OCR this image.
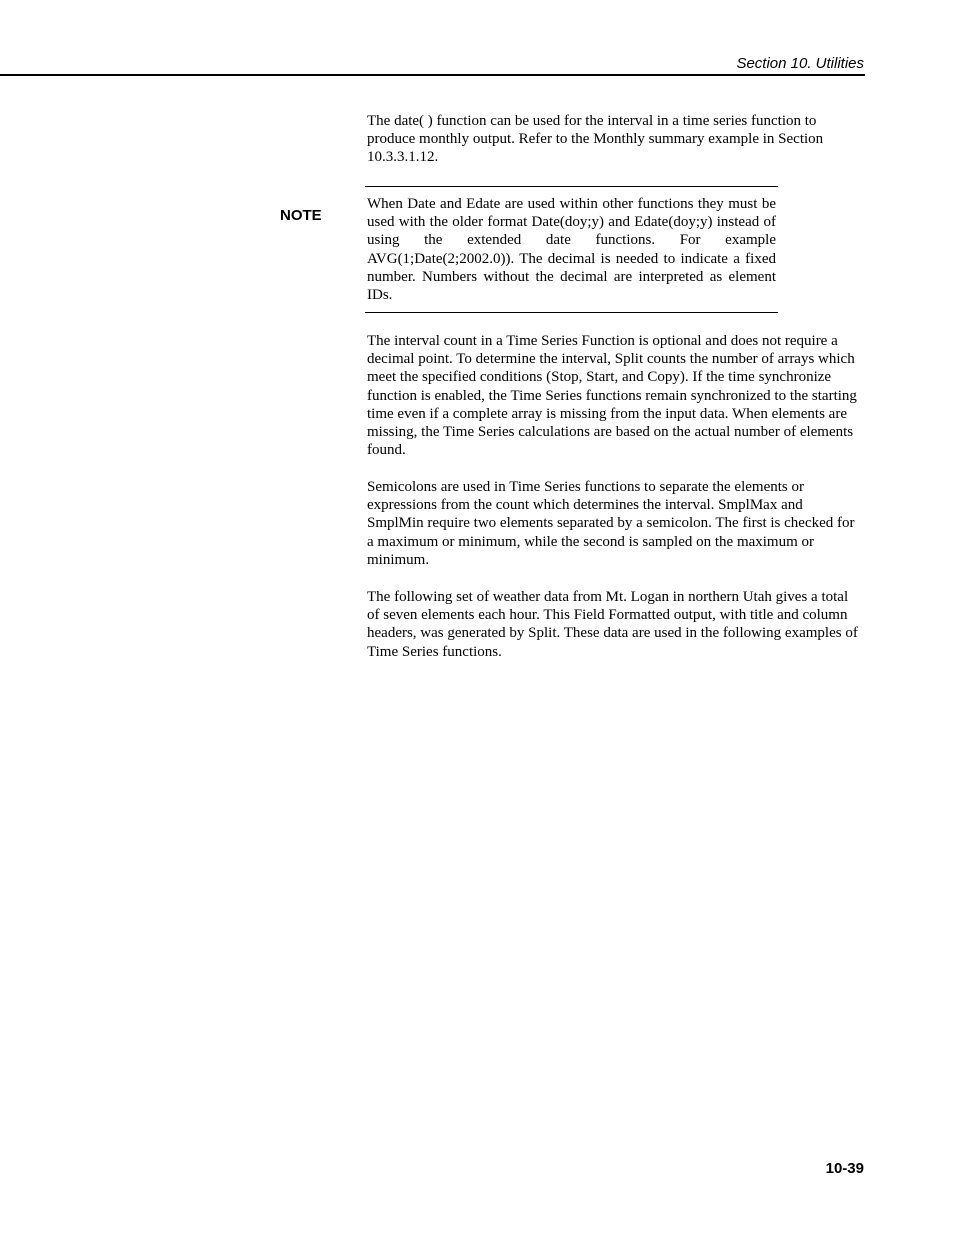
Section 10. Utilities

The date( ) function can be used for the interval in a time series function to produce monthly output. Refer to the Monthly summary example in Section 10.3.3.1.12.

NOTE

When Date and Edate are used within other functions they must be used with the older format Date(doy;y) and Edate(doy;y) instead of using the extended date functions. For example AVG(1;Date(2;2002.0)). The decimal is needed to indicate a fixed number. Numbers without the decimal are interpreted as element IDs.

The interval count in a Time Series Function is optional and does not require a decimal point. To determine the interval, Split counts the number of arrays which meet the specified conditions (Stop, Start, and Copy). If the time synchronize function is enabled, the Time Series functions remain synchronized to the starting time even if a complete array is missing from the input data. When elements are missing, the Time Series calculations are based on the actual number of elements found.

Semicolons are used in Time Series functions to separate the elements or expressions from the count which determines the interval. SmplMax and SmplMin require two elements separated by a semicolon. The first is checked for a maximum or minimum, while the second is sampled on the maximum or minimum.

The following set of weather data from Mt. Logan in northern Utah gives a total of seven elements each hour. This Field Formatted output, with title and column headers, was generated by Split. These data are used in the following examples of Time Series functions.

10-39
